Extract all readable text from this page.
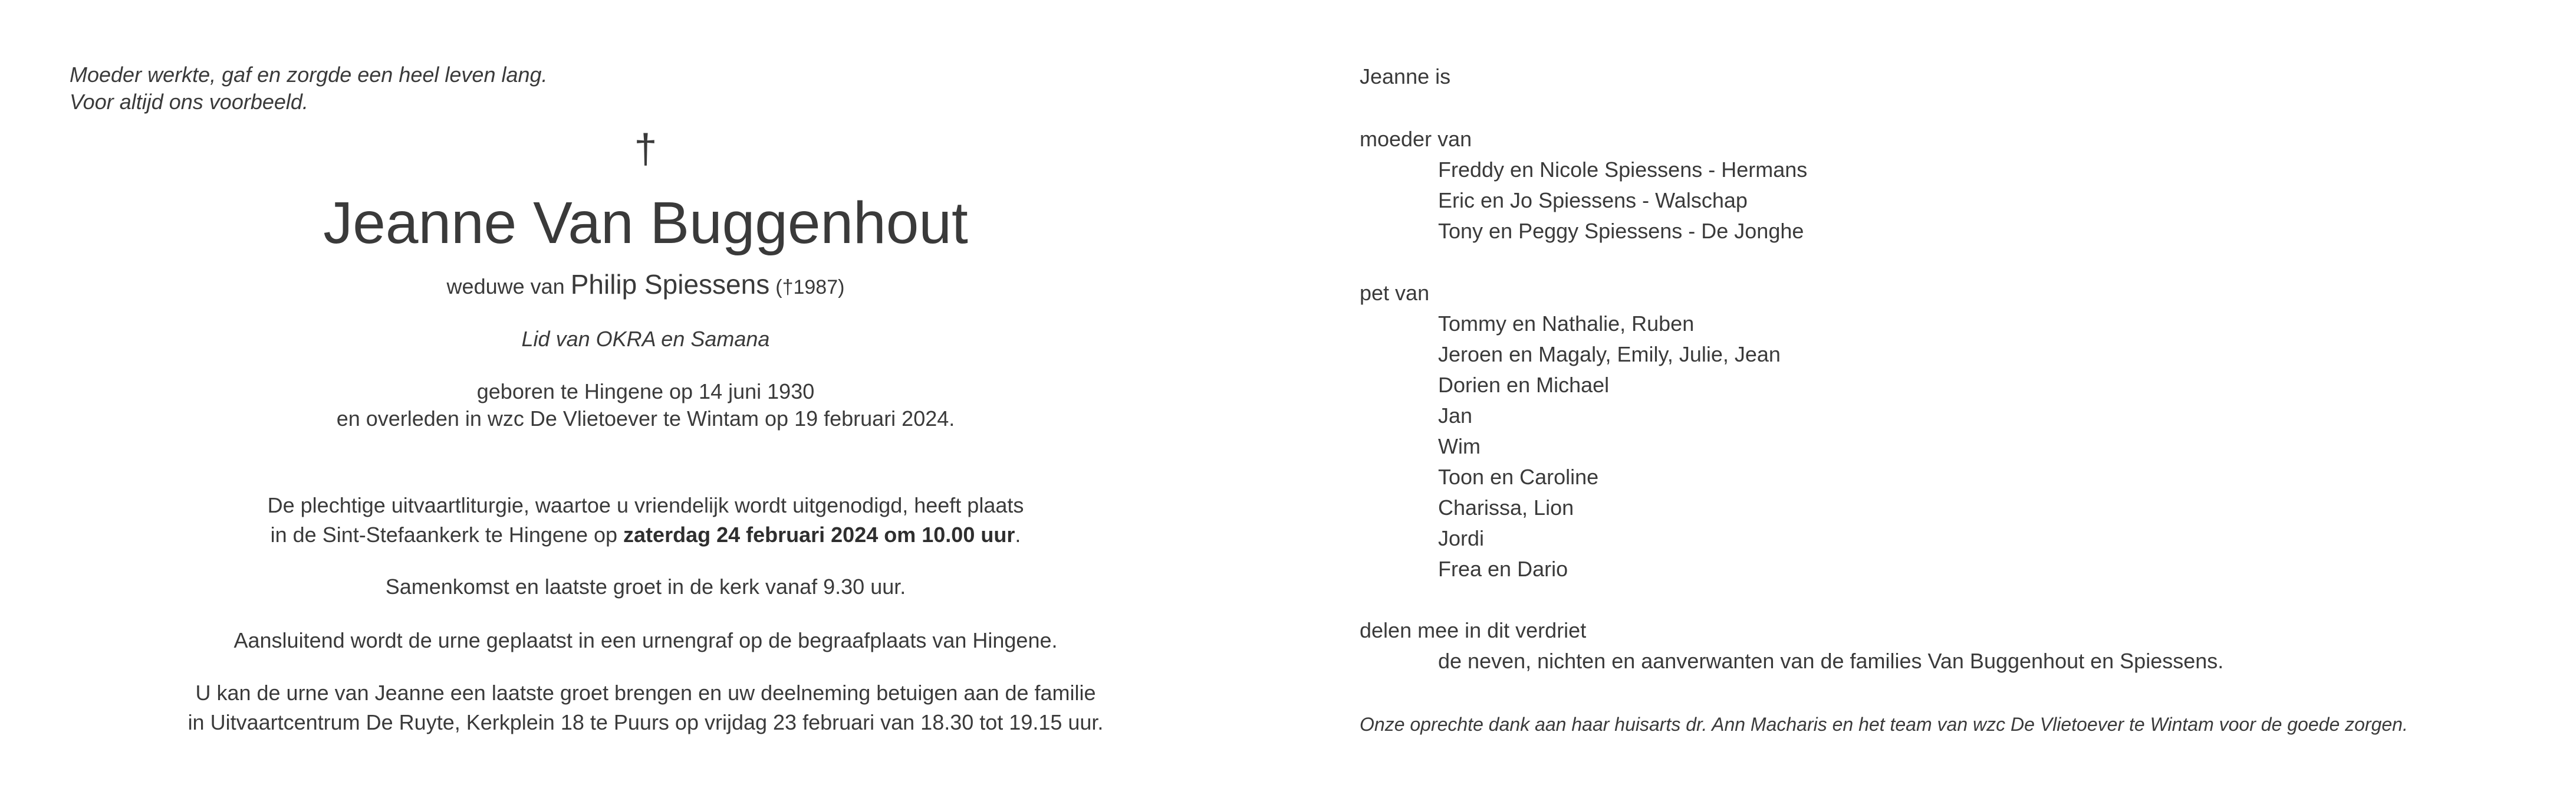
Moeder werkte, gaf en zorgde een heel leven lang.
Voor altijd ons voorbeeld.
†
Jeanne Van Buggenhout
weduwe van Philip Spiessens (†1987)
Lid van OKRA en Samana
geboren te Hingene op 14 juni 1930
en overleden in wzc De Vlietoever te Wintam op 19 februari 2024.
De plechtige uitvaartliturgie, waartoe u vriendelijk wordt uitgenodigd, heeft plaats
in de Sint-Stefaankerk te Hingene op zaterdag 24 februari 2024 om 10.00 uur.
Samenkomst en laatste groet in de kerk vanaf 9.30 uur.
Aansluitend wordt de urne geplaatst in een urnengraf op de begraafplaats van Hingene.
U kan de urne van Jeanne een laatste groet brengen en uw deelneming betuigen aan de familie
in Uitvaartcentrum De Ruyte, Kerkplein 18 te Puurs op vrijdag 23 februari van 18.30 tot 19.15 uur.
Jeanne is
moeder van
Freddy en Nicole Spiessens - Hermans
Eric en Jo Spiessens - Walschap
Tony en Peggy Spiessens - De Jonghe
pet van
Tommy en Nathalie, Ruben
Jeroen en Magaly, Emily, Julie, Jean
Dorien en Michael
Jan
Wim
Toon en Caroline
Charissa, Lion
Jordi
Frea en Dario
delen mee in dit verdriet
de neven, nichten en aanverwanten van de families Van Buggenhout en Spiessens.
Onze oprechte dank aan haar huisarts dr. Ann Macharis en het team van wzc De Vlietoever te Wintam voor de goede zorgen.
